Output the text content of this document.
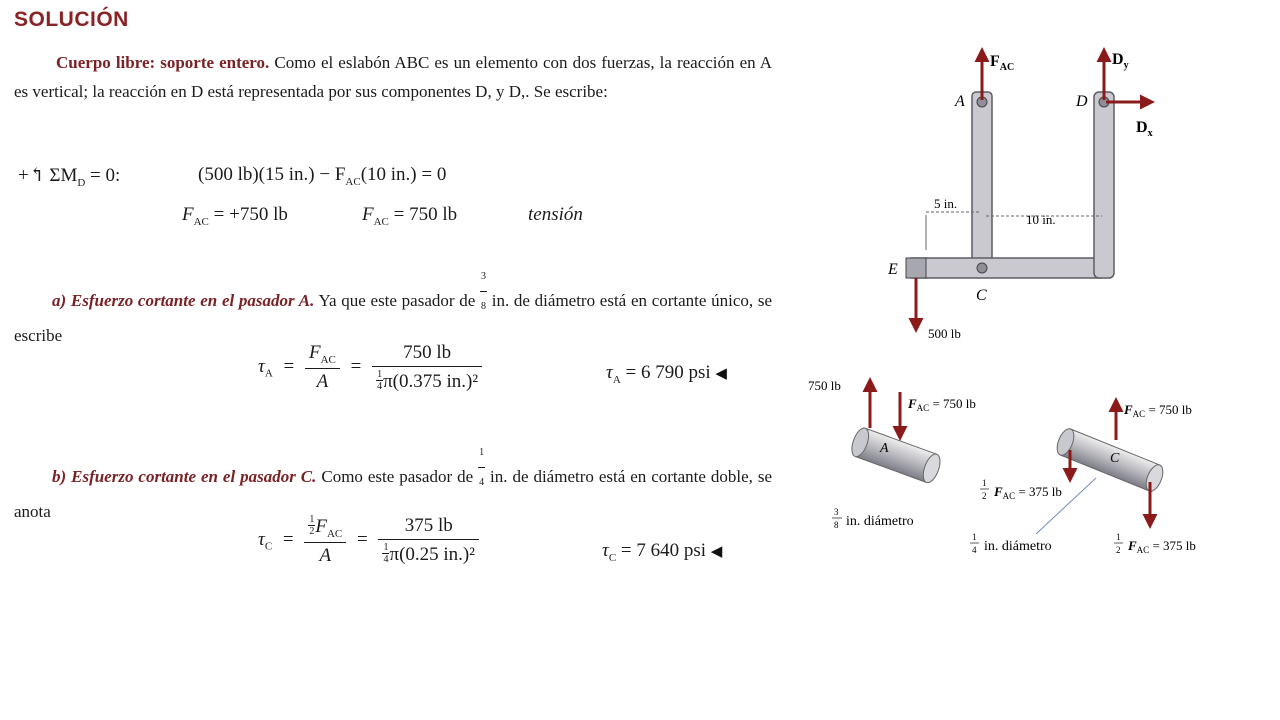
SOLUCIÓN
Cuerpo libre: soporte entero. Como el eslabón ABC es un elemento con dos fuerzas, la reacción en A es vertical; la reacción en D está representada por sus componentes D, y D,. Se escribe:
+↰ $\Sigma M_D = 0$:	(500 lb)(15 $in.) - F_{AC}(10$ in.) = 0
$F_{AC} = +750$ lb	$F_{AC} = 750$ lb	tensión
a) Esfuerzo cortante en el pasador A. Ya que este pasador de $\frac{3}{8}$ in. de diámetro está en cortante único, se escribe
$\tau_A = \frac{F_{AC}}{A} = \frac{750 lb}{\frac{1}{4} \pi(0.375 in.)^2}$	$\tau_A = 6$ 790 psi ◀
b) Esfuerzo cortante en el pasador C. Como este pasador de $\frac{1}{4}$ in. de diámetro está en cortante doble, se anota
$\tau_C = \frac{\frac{1}{2} F_{AC}}{A} = \frac{375 lb}{\frac{1}{4} \pi(0.25 in.)^2}$	$\tau_C = 7$ 640 psi ◀
$F_{AC}$	$D_y$
$D_x$
A	D
E
C
5 in.
10 in.
500 lb
750 lb
$F_{AC} = 750$ lb
A
3
8 in. diámetro
C
$F_{AC} = 750$ lb
1
2 $F_{AC} = 375$ lb
1
4 in. diámetro
1
2 $F_{AC} = 375$ lb
